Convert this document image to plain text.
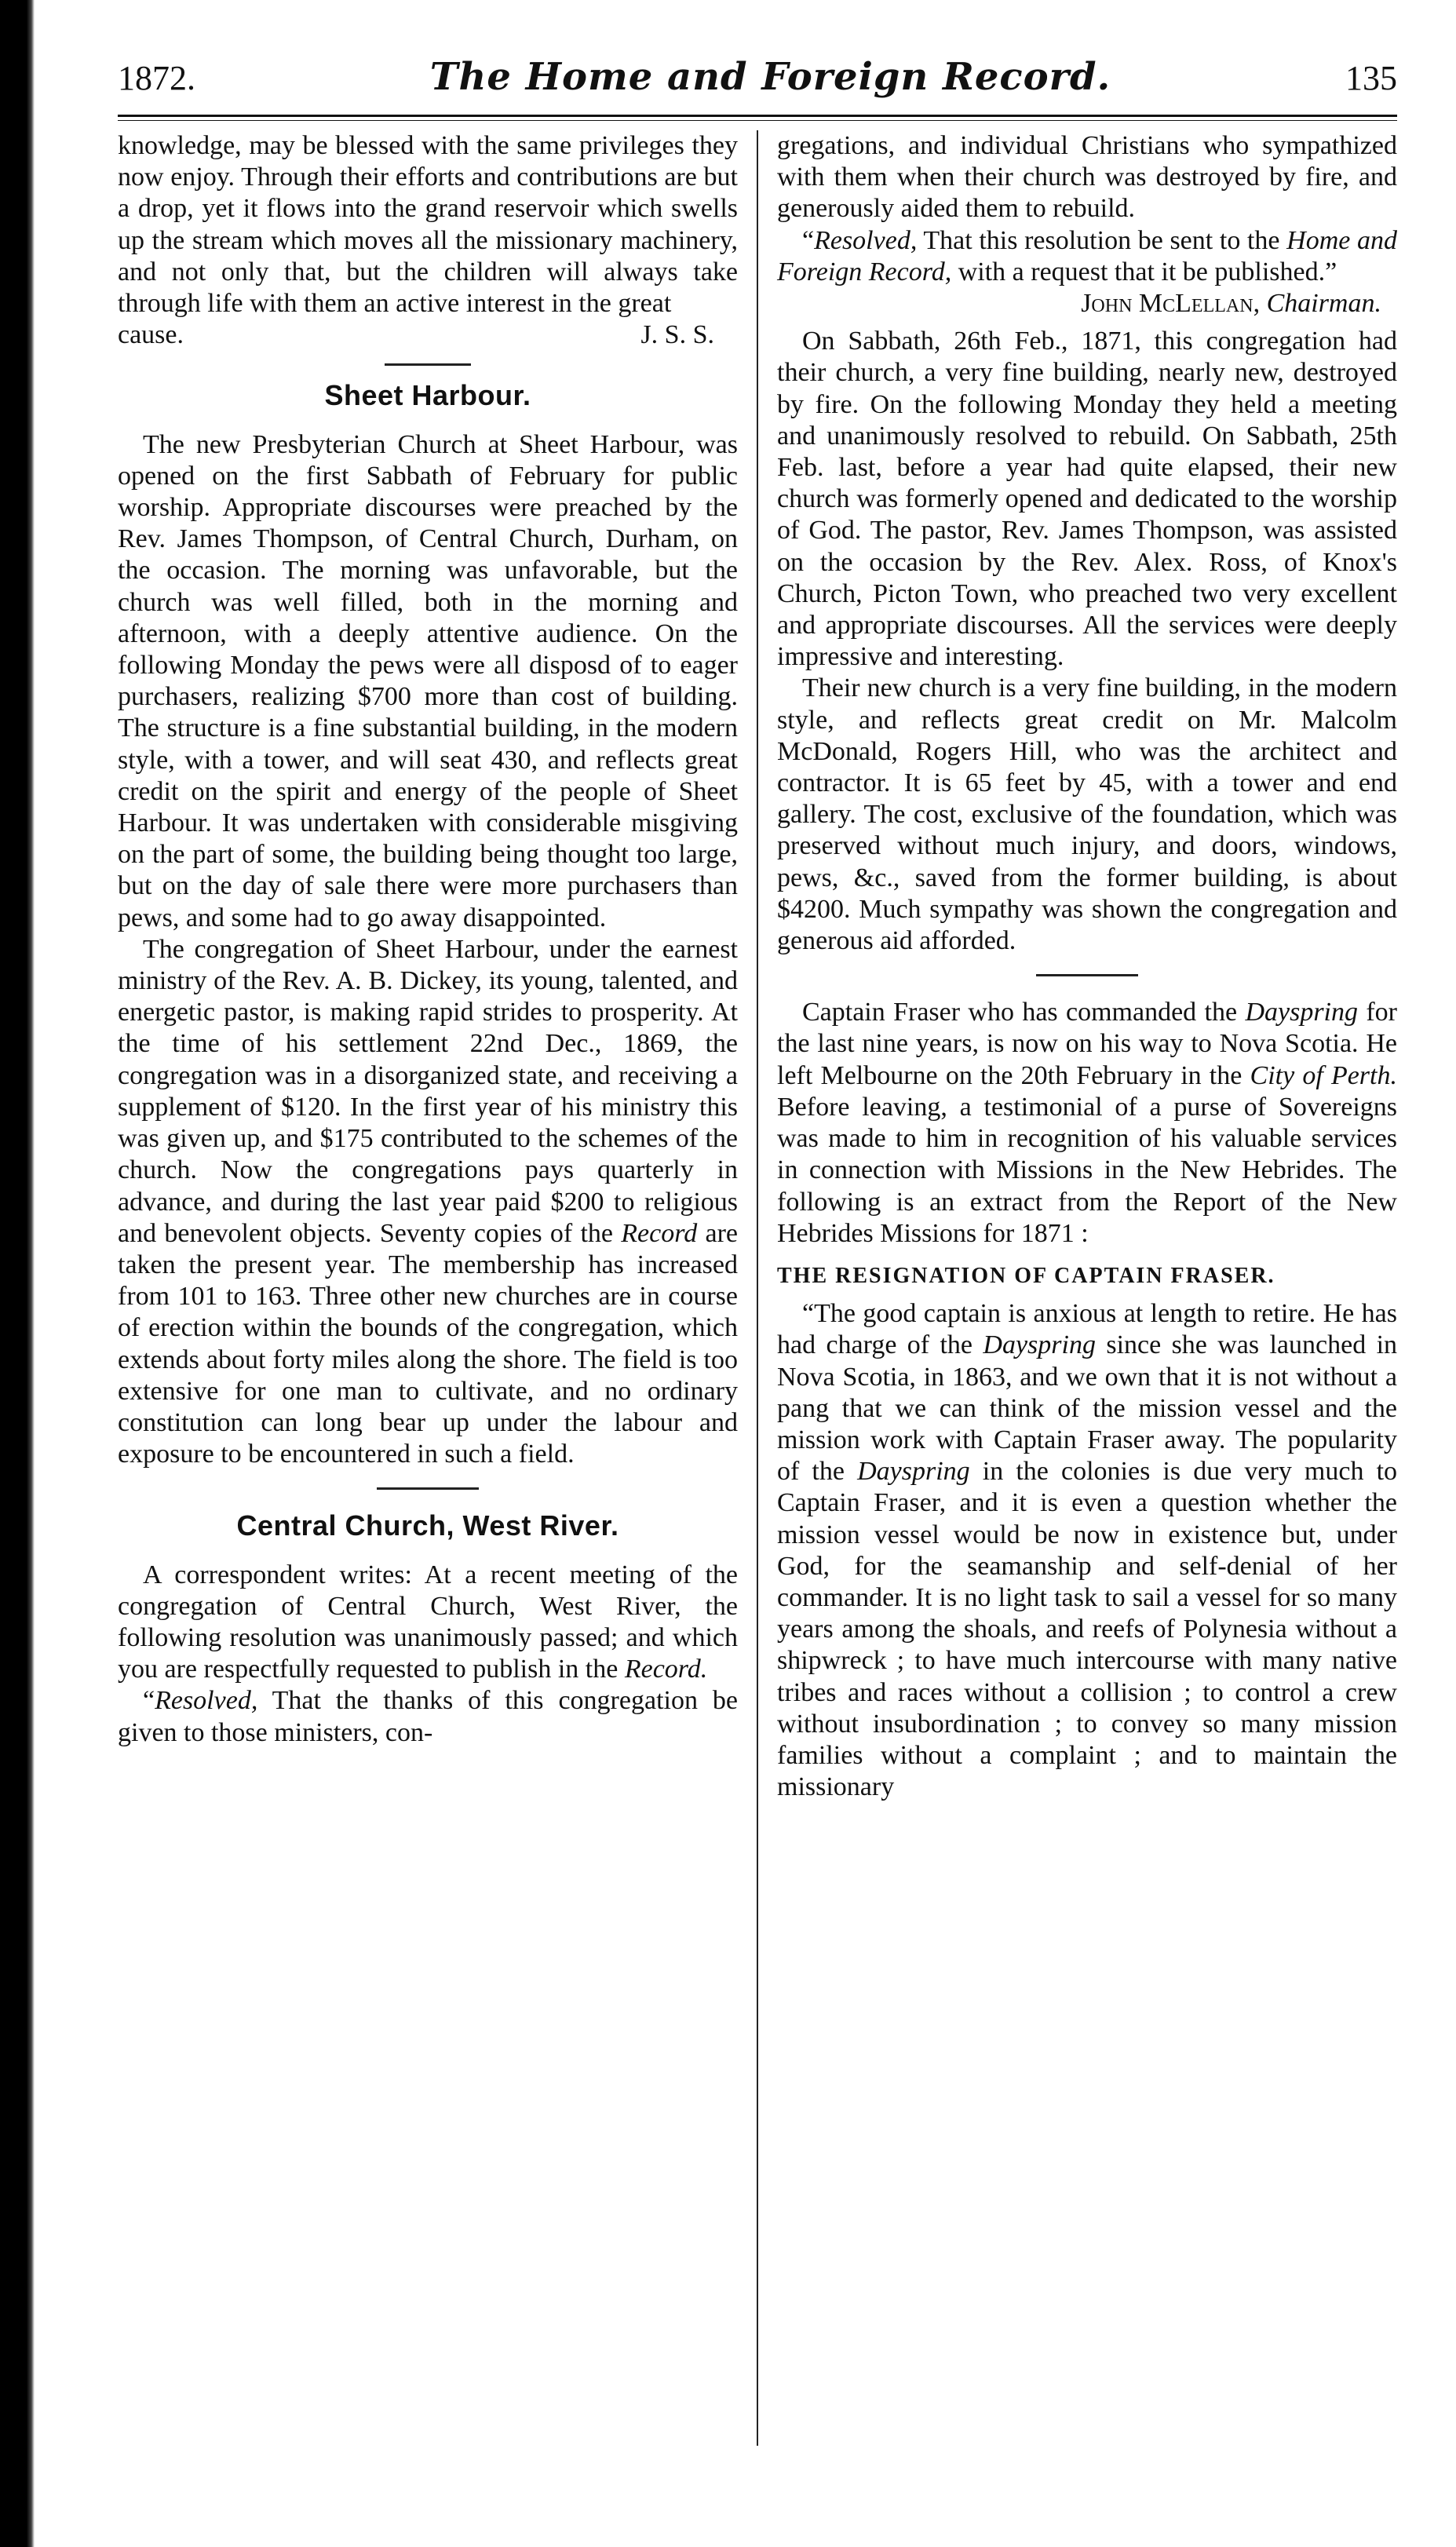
1872.	The Home and Foreign Record.	135

knowledge, may be blessed with the same privileges they now enjoy. Through their efforts and contributions are but a drop, yet it flows into the grand reservoir which swells up the stream which moves all the missionary machinery, and not only that, but the children will always take through life with them an active interest in the great

cause.	J. S. S.
Sheet Harbour.

The new Presbyterian Church at Sheet Harbour, was opened on the first Sabbath of February for public worship. Appropriate discourses were preached by the Rev. James Thompson, of Central Church, Durham, on the occasion. The morning was unfavorable, but the church was well filled, both in the morning and afternoon, with a deeply attentive audience. On the following Monday the pews were all disposd of to eager purchasers, realizing $700 more than cost of building. The structure is a fine substantial building, in the modern style, with a tower, and will seat 430, and reflects great credit on the spirit and energy of the people of Sheet Harbour. It was undertaken with considerable misgiving on the part of some, the building being thought too large, but on the day of sale there were more purchasers than pews, and some had to go away disappointed.

The congregation of Sheet Harbour, under the earnest ministry of the Rev. A. B. Dickey, its young, talented, and energetic pastor, is making rapid strides to prosperity. At the time of his settlement 22nd Dec., 1869, the congregation was in a disorganized state, and receiving a supplement of $120. In the first year of his ministry this was given up, and $175 contributed to the schemes of the church. Now the congregations pays quarterly in advance, and during the last year paid $200 to religious and benevolent objects. Seventy copies of the Record are taken the present year. The membership has increased from 101 to 163. Three other new churches are in course of erection within the bounds of the congregation, which extends about forty miles along the shore. The field is too extensive for one man to cultivate, and no ordinary constitution can long bear up under the labour and exposure to be encountered in such a field.

Central Church, West River.

A correspondent writes: At a recent meeting of the congregation of Central Church, West River, the following resolution was unanimously passed; and which you are respectfully requested to publish in the Record.

“Resolved, That the thanks of this congregation be given to those ministers, con-

gregations, and individual Christians who sympathized with them when their church was destroyed by fire, and generously aided them to rebuild.

“Resolved, That this resolution be sent to the Home and Foreign Record, with a request that it be published.”

John McLellan, Chairman.

On Sabbath, 26th Feb., 1871, this congregation had their church, a very fine building, nearly new, destroyed by fire. On the following Monday they held a meeting and unanimously resolved to rebuild. On Sabbath, 25th Feb. last, before a year had quite elapsed, their new church was formerly opened and dedicated to the worship of God. The pastor, Rev. James Thompson, was assisted on the occasion by the Rev. Alex. Ross, of Knox's Church, Picton Town, who preached two very excellent and appropriate discourses. All the services were deeply impressive and interesting.

Their new church is a very fine building, in the modern style, and reflects great credit on Mr. Malcolm McDonald, Rogers Hill, who was the architect and contractor. It is 65 feet by 45, with a tower and end gallery. The cost, exclusive of the foundation, which was preserved without much injury, and doors, windows, pews, &c., saved from the former building, is about $4200. Much sympathy was shown the congregation and generous aid afforded.

Captain Fraser who has commanded the Dayspring for the last nine years, is now on his way to Nova Scotia. He left Melbourne on the 20th February in the City of Perth. Before leaving, a testimonial of a purse of Sovereigns was made to him in recognition of his valuable services in connection with Missions in the New Hebrides. The following is an extract from the Report of the New Hebrides Missions for 1871 :

THE RESIGNATION OF CAPTAIN FRASER.

“The good captain is anxious at length to retire. He has had charge of the Dayspring since she was launched in Nova Scotia, in 1863, and we own that it is not without a pang that we can think of the mission vessel and the mission work with Captain Fraser away. The popularity of the Dayspring in the colonies is due very much to Captain Fraser, and it is even a question whether the mission vessel would be now in existence but, under God, for the seamanship and self-denial of her commander. It is no light task to sail a vessel for so many years among the shoals, and reefs of Polynesia without a shipwreck ; to have much intercourse with many native tribes and races without a collision ; to control a crew without insubordination ; to convey so many mission families without a complaint ; and to maintain the missionary
